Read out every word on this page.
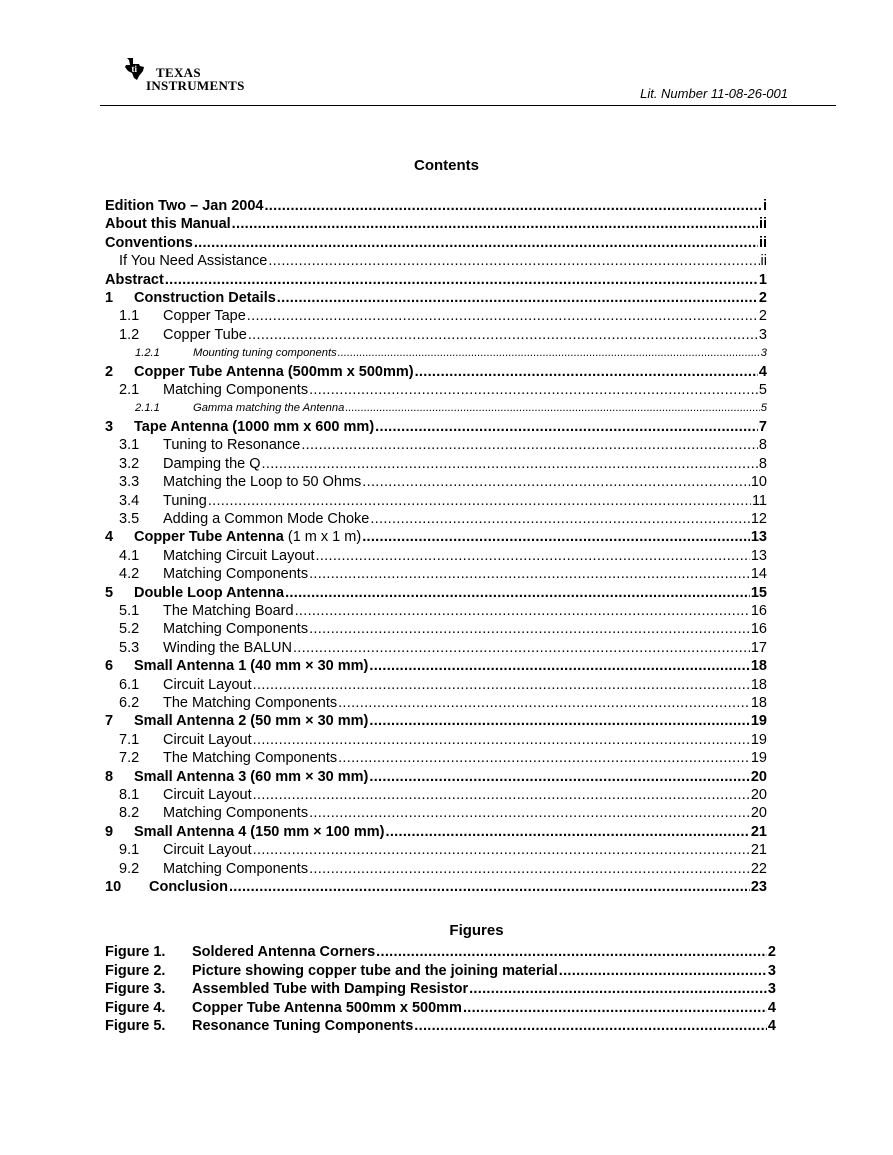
ti TEXAS
INSTRUMENTS
Lit. Number 11-08-26-001
Contents
Edition Two – Jan 2004 .....	i
About this Manual .....	ii
Conventions .....	ii
If You Need Assistance .....	ii
Abstract .....	1
1	Construction Details .....	2
1.1	Copper Tape .....	2
1.2	Copper Tube .....	3
1.2.1	Mounting tuning components .....	3
2	Copper Tube Antenna (500mm x 500mm) .....	4
2.1	Matching Components .....	5
2.1.1	Gamma matching the Antenna .....	5
3	Tape Antenna (1000 mm x 600 mm) .....	7
3.1	Tuning to Resonance .....	8
3.2	Damping the Q .....	8
3.3	Matching the Loop to 50 Ohms .....	10
3.4	Tuning .....	11
3.5	Adding a Common Mode Choke .....	12
4	Copper Tube Antenna (1 m x 1 m) .....	13
4.1	Matching Circuit Layout .....	13
4.2	Matching Components .....	14
5	Double Loop Antenna .....	15
5.1	The Matching Board .....	16
5.2	Matching Components .....	16
5.3	Winding the BALUN .....	17
6	Small Antenna 1 (40 mm × 30 mm) .....	18
6.1	Circuit Layout .....	18
6.2	The Matching Components .....	18
7	Small Antenna 2 (50 mm × 30 mm) .....	19
7.1	Circuit Layout .....	19
7.2	The Matching Components .....	19
8	Small Antenna 3 (60 mm × 30 mm) .....	20
8.1	Circuit Layout .....	20
8.2	Matching Components .....	20
9	Small Antenna 4 (150 mm × 100 mm) .....	21
9.1	Circuit Layout .....	21
9.2	Matching Components .....	22
10	Conclusion .....	23
Figures
Figure 1.	Soldered Antenna Corners .....	2
Figure 2.	Picture showing copper tube and the joining material .....	3
Figure 3.	Assembled Tube with Damping Resistor .....	3
Figure 4.	Copper Tube Antenna 500mm x 500mm .....	4
Figure 5.	Resonance Tuning Components .....	4
